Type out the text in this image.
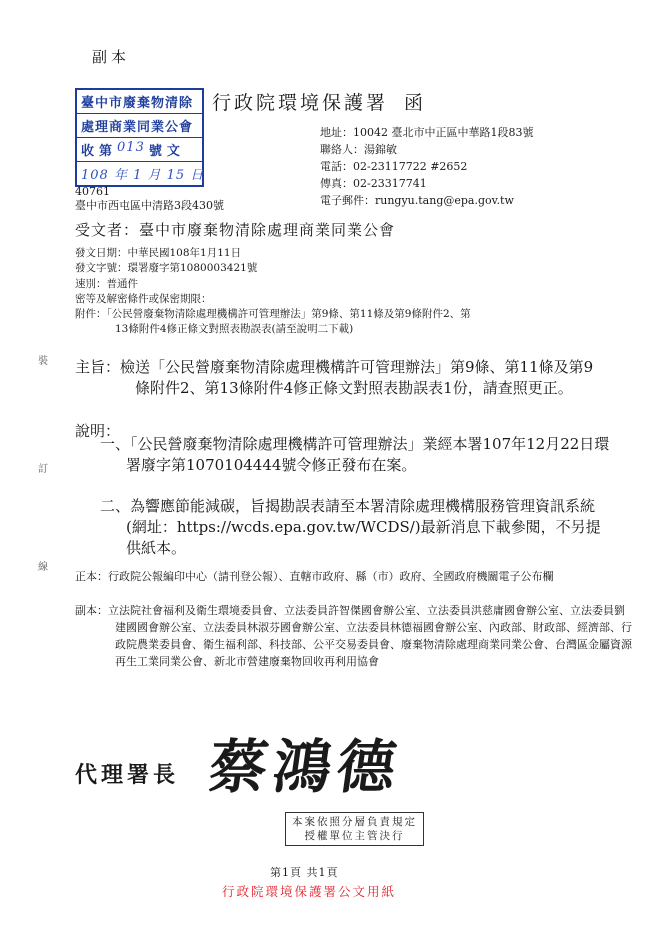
副本
臺中市廢棄物清除
處理商業同業公會
收 第 013 號 文
108 年 1 月 15 日
行政院環境保護署 函
地址：10042 臺北市中正區中華路1段83號
聯絡人：湯錦敏
電話：02-23117722 #2652
傳真：02-23317741
電子郵件：rungyu.tang@epa.gov.tw
40761
臺中市西屯區中清路3段430號
受文者：臺中市廢棄物清除處理商業同業公會
發文日期：中華民國108年1月11日
發文字號：環署廢字第1080003421號
速別：普通件
密等及解密條件或保密期限：
附件：「公民營廢棄物清除處理機構許可管理辦法」第9條、第11條及第9條附件2、第
13條附件4修正條文對照表勘誤表(請至說明二下載)
裝
訂
線
主旨：檢送「公民營廢棄物清除處理機構許可管理辦法」第9條、第11條及第9條附件2、第13條附件4修正條文對照表勘誤表1份，請查照更正。
說明：
一、「公民營廢棄物清除處理機構許可管理辦法」業經本署107年12月22日環署廢字第1070104444號令修正發布在案。
二、為響應節能減碳，旨揭勘誤表請至本署清除處理機構服務管理資訊系統(網址：https://wcds.epa.gov.tw/WCDS/)最新消息下載參閱，不另提供紙本。
正本：行政院公報編印中心（請刊登公報）、直轄市政府、縣（市）政府、全國政府機關電子公布欄
副本：立法院社會福利及衛生環境委員會、立法委員許智傑國會辦公室、立法委員洪慈庸國會辦公室、立法委員劉建國國會辦公室、立法委員林淑芬國會辦公室、立法委員林德福國會辦公室、內政部、財政部、經濟部、行政院農業委員會、衛生福利部、科技部、公平交易委員會、廢棄物清除處理商業同業公會、台灣區金屬資源再生工業同業公會、新北市營建廢棄物回收再利用協會
代理署長 蔡鴻德
本案依照分層負責規定
授權單位主管決行
第1頁 共1頁
行政院環境保護署公文用紙
